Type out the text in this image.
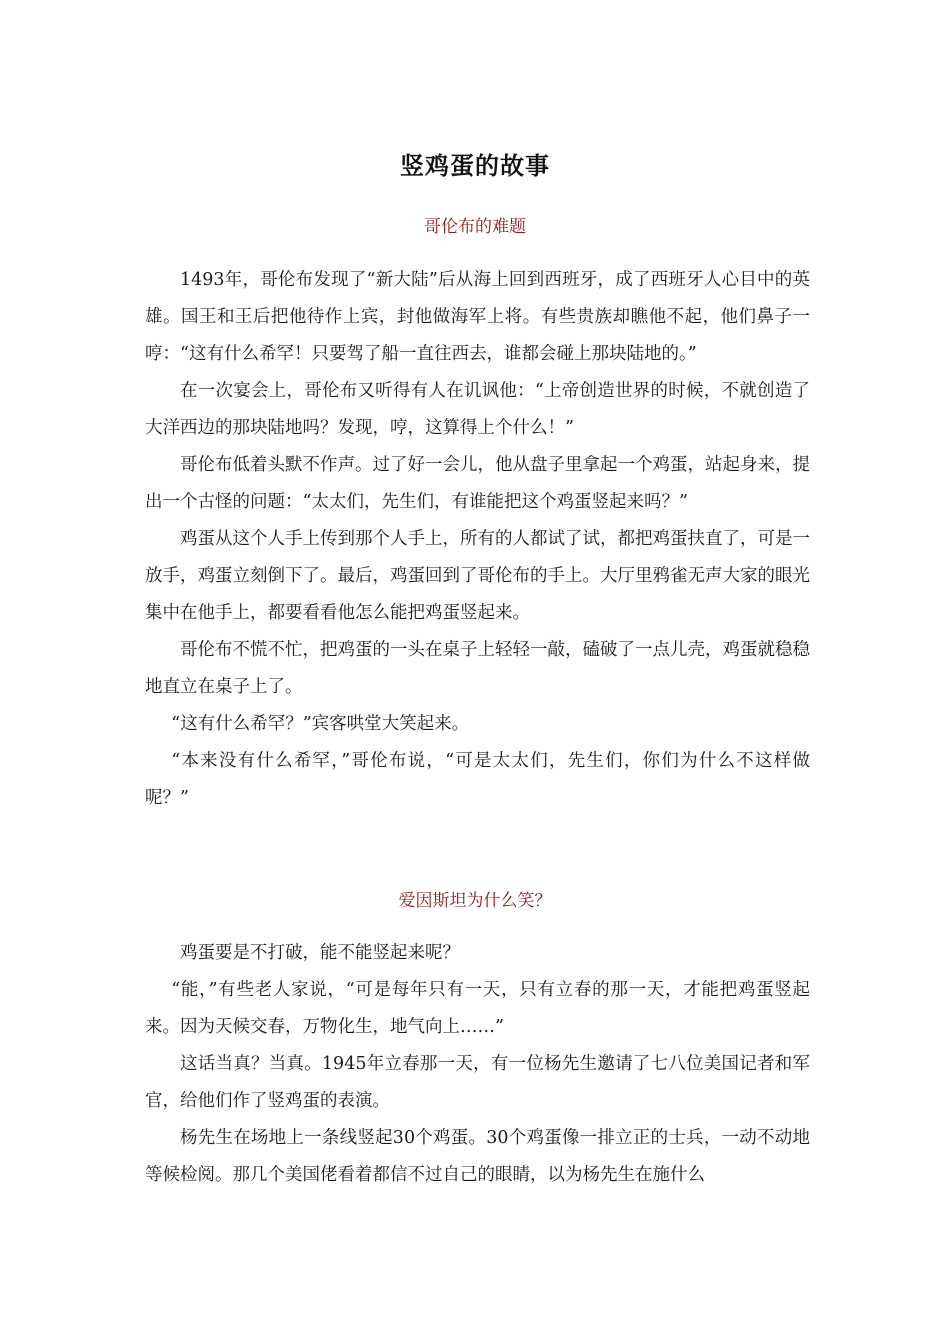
竖鸡蛋的故事
哥伦布的难题

1493年，哥伦布发现了“新大陆”后从海上回到西班牙，成了西班牙人心目中的英雄。国王和王后把他待作上宾，封他做海军上将。有些贵族却瞧他不起，他们鼻子一哼：“这有什么希罕！只要驾了船一直往西去，谁都会碰上那块陆地的。”

在一次宴会上，哥伦布又听得有人在讥讽他：“上帝创造世界的时候，不就创造了大洋西边的那块陆地吗？发现，哼，这算得上个什么！”

哥伦布低着头默不作声。过了好一会儿，他从盘子里拿起一个鸡蛋，站起身来，提出一个古怪的问题：“太太们，先生们，有谁能把这个鸡蛋竖起来吗？”

鸡蛋从这个人手上传到那个人手上，所有的人都试了试，都把鸡蛋扶直了，可是一放手，鸡蛋立刻倒下了。最后，鸡蛋回到了哥伦布的手上。大厅里鸦雀无声大家的眼光集中在他手上，都要看看他怎么能把鸡蛋竖起来。

哥伦布不慌不忙，把鸡蛋的一头在桌子上轻轻一敲，磕破了一点儿壳，鸡蛋就稳稳地直立在桌子上了。

“这有什么希罕？”宾客哄堂大笑起来。

“本来没有什么希罕，”哥伦布说，“可是太太们，先生们，你们为什么不这样做呢？”

爱因斯坦为什么笑？

鸡蛋要是不打破，能不能竖起来呢？

“能，”有些老人家说，“可是每年只有一天，只有立春的那一天，才能把鸡蛋竖起来。因为天候交春，万物化生，地气向上……”

这话当真？当真。1945年立春那一天，有一位杨先生邀请了七八位美国记者和军官，给他们作了竖鸡蛋的表演。

杨先生在场地上一条线竖起30个鸡蛋。30个鸡蛋像一排立正的士兵，一动不动地等候检阅。那几个美国佬看着都信不过自己的眼睛，以为杨先生在施什么
